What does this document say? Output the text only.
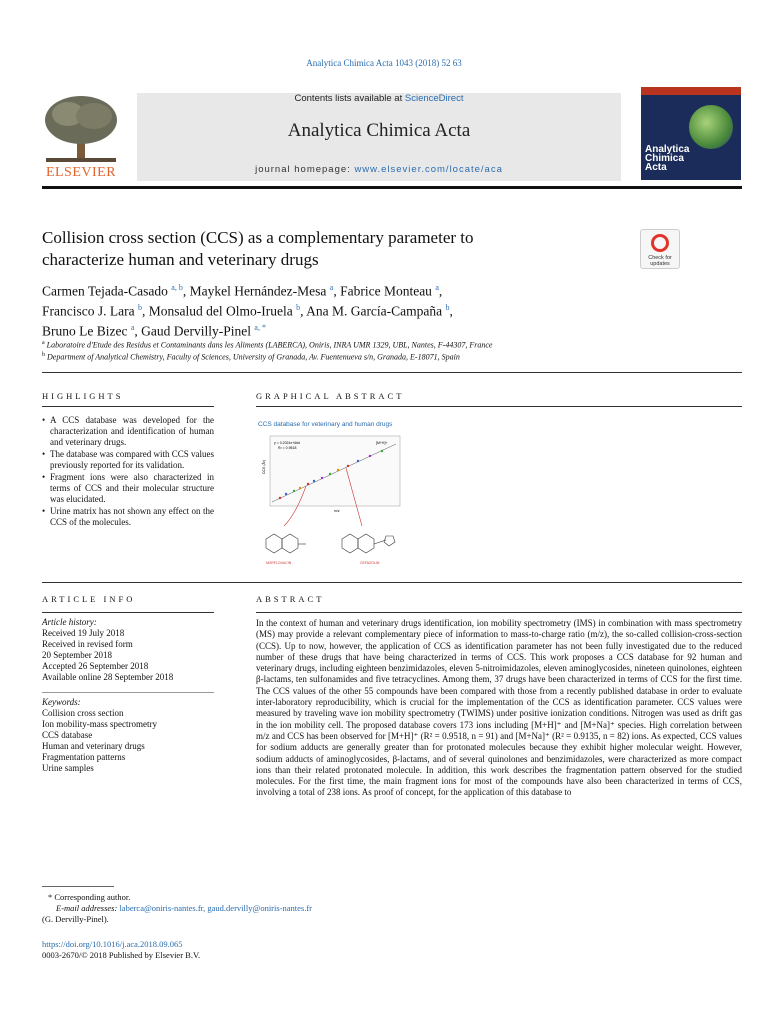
Analytica Chimica Acta 1043 (2018) 52 63
ELSEVIER
Contents lists available at ScienceDirect
Analytica Chimica Acta
journal homepage: www.elsevier.com/locate/aca
Analytica
Chimica
Acta
Collision cross section (CCS) as a complementary parameter to
characterize human and veterinary drugs	Check for
updates
Carmen Tejada-Casado $^{a, b}$, Maykel Hernández-Mesa $^a$, Fabrice Monteau $^a$,
Francisco J. Lara $^b$, Monsalud del Olmo-Iruela $^b$, Ana M. García-Campaña $^b$,
Bruno Le Bizec $^a$, Gaud Dervilly-Pinel $^{a, *}$
$^a$ Laboratoire d'Etude des Residus et Contaminants dans les Aliments (LABERCA), Oniris, INRA UMR 1329, UBL, Nantes, F-44307, France
$^b$ Department of Analytical Chemistry, Faculty of Sciences, University of Granada, Av. Fuentenueva s/n, Granada, E-18071, Spain
HIGHLIGHTS
• A CCS database was developed for the characterization and identification of human and veterinary drugs.
• The database was compared with CCS values previously reported for its validation.
• Fragment ions were also characterized in terms of CCS and their molecular structure was elucidated.
• Urine matrix has not shown any effect on the CCS of the molecules.
GRAPHICAL ABSTRACT
CCS database for veterinary and human drugs
y = 0.2024x+###
R² = 0.9518
[M+H]+
CCS (Å²)
m/z
NORFLOXACIN	CEFAZOLIN
ARTICLE INFO
Article history:
Received 19 July 2018
Received in revised form
20 September 2018
Accepted 26 September 2018
Available online 28 September 2018
Keywords:
Collision cross section
Ion mobility-mass spectrometry
CCS database
Human and veterinary drugs
Fragmentation patterns
Urine samples
ABSTRACT
In the context of human and veterinary drugs identification, ion mobility spectrometry (IMS) in combination with mass spectrometry (MS) may provide a relevant complementary piece of information to mass-to-charge ratio (m/z), the so-called collision-cross-section (CCS). Up to now, however, the application of CCS as identification parameter has not been fully investigated due to the reduced number of these drugs that have being characterized in terms of CCS. This work proposes a CCS database for 92 human and veterinary drugs, including eighteen benzimidazoles, eleven 5-nitroimidazoles, eleven aminoglycosides, nineteen quinolones, eighteen β-lactams, ten sulfonamides and five tetracyclines. Among them, 37 drugs have been characterized in terms of CCS for the first time. The CCS values of the other 55 compounds have been compared with those from a recently published database in order to evaluate inter-laboratory reproducibility, which is crucial for the implementation of the CCS as identification parameter. CCS values were measured by traveling wave ion mobility spectrometry (TWIMS) under positive ionization conditions. Nitrogen was used as drift gas in the ion mobility cell. The proposed database covers 173 ions including [M+H]⁺ and [M+Na]⁺ species. High correlation between m/z and CCS has been observed for [M+H]⁺ (R² = 0.9518, n = 91) and [M+Na]⁺ (R² = 0.9135, n = 82) ions. As expected, CCS values for sodium adducts are generally greater than for protonated molecules because they exhibit higher molecular weight. However, sodium adducts of aminoglycosides, β-lactams, and of several quinolones and benzimidazoles, were characterized as more compact ions than their related protonated molecule. In addition, this work describes the fragmentation pattern observed for the studied molecules. For the first time, the main fragment ions for most of the compounds have also been characterized in terms of CCS, involving a total of 238 ions. As proof of concept, for the application of this database to
* Corresponding author.
E-mail addresses: laberca@oniris-nantes.fr, gaud.dervilly@oniris-nantes.fr
(G. Dervilly-Pinel).
https://doi.org/10.1016/j.aca.2018.09.065
0003-2670/© 2018 Published by Elsevier B.V.
